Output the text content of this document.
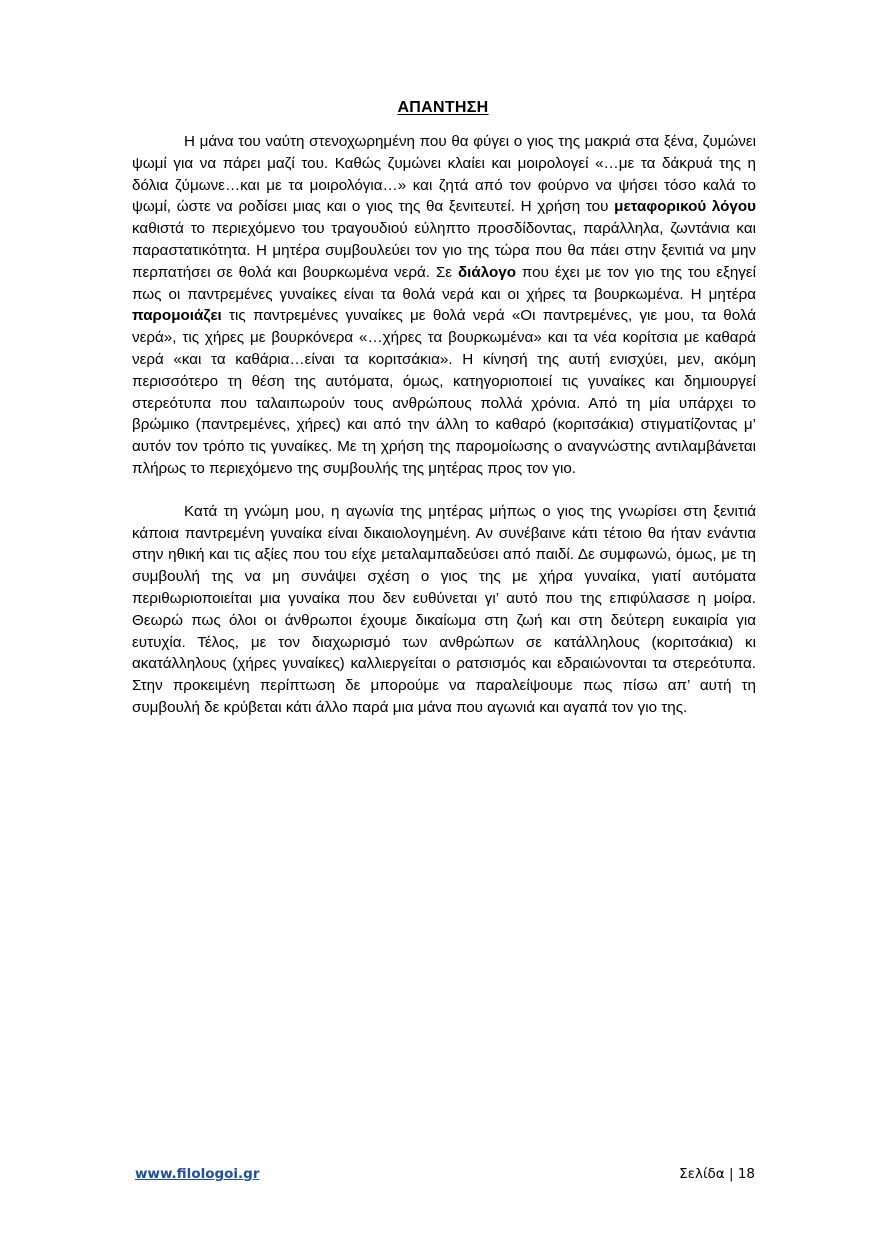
ΑΠΑΝΤΗΣΗ

Η μάνα του ναύτη στενοχωρημένη που θα φύγει ο γιος της μακριά στα ξένα, ζυμώνει ψωμί για να πάρει μαζί του. Καθώς ζυμώνει κλαίει και μοιρολογεί «…με τα δάκρυά της η δόλια ζύμωνε…και με τα μοιρολόγια…» και ζητά από τον φούρνο να ψήσει τόσο καλά το ψωμί, ώστε να ροδίσει μιας και ο γιος της θα ξενιτευτεί. Η χρήση του μεταφορικού λόγου καθιστά το περιεχόμενο του τραγουδιού εύληπτο προσδίδοντας, παράλληλα, ζωντάνια και παραστατικότητα. Η μητέρα συμβουλεύει τον γιο της τώρα που θα πάει στην ξενιτιά να μην περπατήσει σε θολά και βουρκωμένα νερά. Σε διάλογο που έχει με τον γιο της του εξηγεί πως οι παντρεμένες γυναίκες είναι τα θολά νερά και οι χήρες τα βουρκωμένα. Η μητέρα παρομοιάζει τις παντρεμένες γυναίκες με θολά νερά «Οι παντρεμένες, γιε μου, τα θολά νερά», τις χήρες με βουρκόνερα «…χήρες τα βουρκωμένα» και τα νέα κορίτσια με καθαρά νερά «και τα καθάρια…είναι τα κοριτσάκια». Η κίνησή της αυτή ενισχύει, μεν, ακόμη περισσότερο τη θέση της αυτόματα, όμως, κατηγοριοποιεί τις γυναίκες και δημιουργεί στερεότυπα που ταλαιπωρούν τους ανθρώπους πολλά χρόνια. Από τη μία υπάρχει το βρώμικο (παντρεμένες, χήρες) και από την άλλη το καθαρό (κοριτσάκια) στιγματίζοντας μ’ αυτόν τον τρόπο τις γυναίκες. Με τη χρήση της παρομοίωσης ο αναγνώστης αντιλαμβάνεται πλήρως το περιεχόμενο της συμβουλής της μητέρας προς τον γιο.

Κατά τη γνώμη μου, η αγωνία της μητέρας μήπως ο γιος της γνωρίσει στη ξενιτιά κάποια παντρεμένη γυναίκα είναι δικαιολογημένη. Αν συνέβαινε κάτι τέτοιο θα ήταν ενάντια στην ηθική και τις αξίες που του είχε μεταλαμπαδεύσει από παιδί. Δε συμφωνώ, όμως, με τη συμβουλή της να μη συνάψει σχέση ο γιος της με χήρα γυναίκα, γιατί αυτόματα περιθωριοποιείται μια γυναίκα που δεν ευθύνεται γι’ αυτό που της επιφύλασσε η μοίρα. Θεωρώ πως όλοι οι άνθρωποι έχουμε δικαίωμα στη ζωή και στη δεύτερη ευκαιρία για ευτυχία. Τέλος, με τον διαχωρισμό των ανθρώπων σε κατάλληλους (κοριτσάκια) κι ακατάλληλους (χήρες γυναίκες) καλλιεργείται ο ρατσισμός και εδραιώνονται τα στερεότυπα. Στην προκειμένη περίπτωση δε μπορούμε να παραλείψουμε πως πίσω απ’ αυτή τη συμβουλή δε κρύβεται κάτι άλλο παρά μια μάνα που αγωνιά και αγαπά τον γιο της.

www.filologoi.gr	Σελίδα | 18
